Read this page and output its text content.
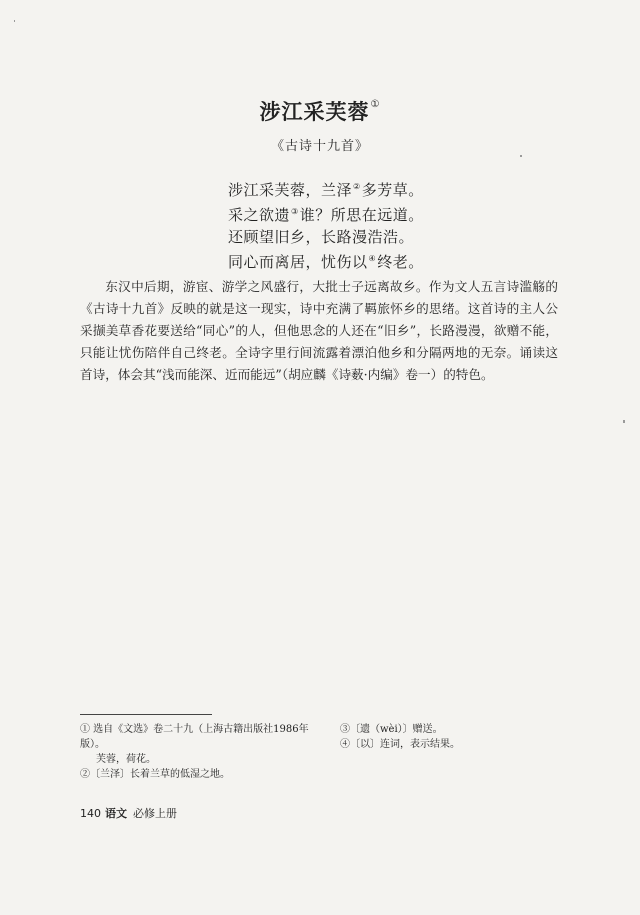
涉江采芙蓉①
《古诗十九首》
涉江采芙蓉，兰泽②多芳草。
采之欲遗③谁？所思在远道。
还顾望旧乡，长路漫浩浩。
同心而离居，忧伤以④终老。
东汉中后期，游宦、游学之风盛行，大批士子远离故乡。作为文人五言诗滥觞的《古诗十九首》反映的就是这一现实，诗中充满了羁旅怀乡的思绪。这首诗的主人公采撷美草香花要送给“同心”的人，但他思念的人还在“旧乡”，长路漫漫，欲赠不能，只能让忧伤陪伴自己终老。全诗字里行间流露着漂泊他乡和分隔两地的无奈。诵读这首诗，体会其“浅而能深、近而能远”（胡应麟《诗薮·内编》卷一）的特色。

① 选自《文选》卷二十九（上海古籍出版社1986年版）。
芙蓉，荷花。

②〔兰泽〕长着兰草的低湿之地。

③〔遗（wèi）〕赠送。

④〔以〕连词，表示结果。

140 语文 必修上册
